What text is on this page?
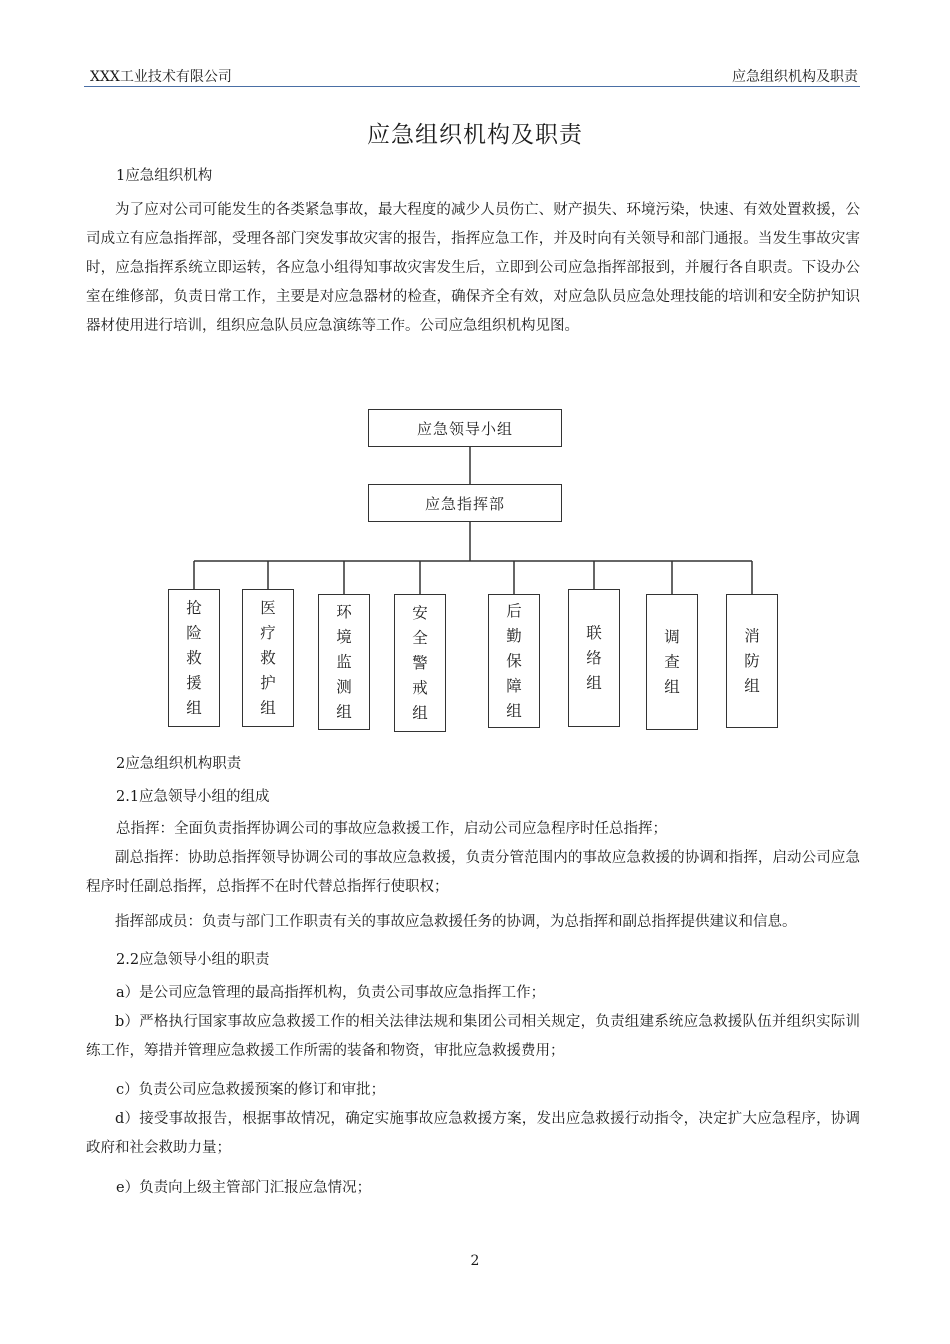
XXX工业技术有限公司	应急组织机构及职责
应急组织机构及职责

1应急组织机构

为了应对公司可能发生的各类紧急事故，最大程度的减少人员伤亡、财产损失、环境污染，快速、有效处置救援，公司成立有应急指挥部，受理各部门突发事故灾害的报告，指挥应急工作，并及时向有关领导和部门通报。当发生事故灾害时，应急指挥系统立即运转，各应急小组得知事故灾害发生后，立即到公司应急指挥部报到，并履行各自职责。下设办公室在维修部，负责日常工作，主要是对应急器材的检查，确保齐全有效，对应急队员应急处理技能的培训和安全防护知识器材使用进行培训，组织应急队员应急演练等工作。公司应急组织机构见图。

应急领导小组
应急指挥部
抢险救援组
医疗救护组
环境监测组
安全警戒组
后勤保障组
联络组
调查组
消防组

2应急组织机构职责

2.1应急领导小组的组成

总指挥：全面负责指挥协调公司的事故应急救援工作，启动公司应急程序时任总指挥；

副总指挥：协助总指挥领导协调公司的事故应急救援，负责分管范围内的事故应急救援的协调和指挥，启动公司应急程序时任副总指挥，总指挥不在时代替总指挥行使职权；

指挥部成员：负责与部门工作职责有关的事故应急救援任务的协调，为总指挥和副总指挥提供建议和信息。

2.2应急领导小组的职责

a）是公司应急管理的最高指挥机构，负责公司事故应急指挥工作；

b）严格执行国家事故应急救援工作的相关法律法规和集团公司相关规定，负责组建系统应急救援队伍并组织实际训练工作，筹措并管理应急救援工作所需的装备和物资，审批应急救援费用；

c）负责公司应急救援预案的修订和审批；

d）接受事故报告，根据事故情况，确定实施事故应急救援方案，发出应急救援行动指令，决定扩大应急程序，协调政府和社会救助力量；

e）负责向上级主管部门汇报应急情况；

2
